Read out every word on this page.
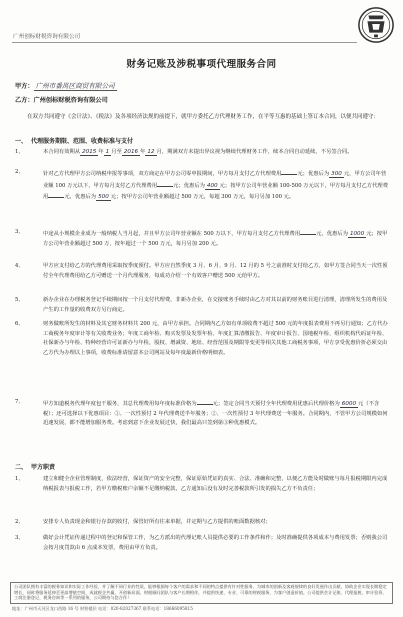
广州创标财税咨询有限公司
财务记账及涉税事项代理服务合同
甲方： 广州市番禺区商贸有限公司
乙方：广州创标财税咨询有限公司
在双方共同遵守《会计法》、《税法》及各项经济法规的前提下，就甲方委托乙方代理财务工作，在平等互惠的基础上签订本合同，以便共同遵守：
一、 代理服务期限、范围、收费标准与支付
1、	本合同有效期从 2015 年 1 月至 2016 年 12 月，期满双方未提出异议视为继续代理财务工作，续本合同自动延续，不另签合同。
2、	针对乙方代理甲方公司纳税申报等事项，双方商定在甲方公司零申报期间，甲方每月支付乙方代理费用	元；优惠后为 300 元，甲方公司年营业额 100 万元以下，甲方每月支付乙方代理费用	元；优惠后为 400 元；按甲方公司年营业额 100-500 万元以下，甲方每月支付乙方代理费用	元，优惠后为 500 元；按甲方公司年营业额超过 500 万元，每超 300 万元，每月另加 100 元。
3、	中途从小规模企业成为一般纳税人当月起，并且甲方公司年营业额在 500 万以下，甲方每月支付乙方代理费用	元，优惠后为 1000 元；按甲方公司年营业额超过 500 万，按年超过一个 500 万元，每月另加 200 元。
4、	甲方应支付给乙方的代理费用采取按季度预付。甲方应自然季度 3 月、6 月、9 月、12 月的 5 号之前准时支付给乙方，如甲方签合同当天一次性预付全年代理费用给乙方可赠送一个月代理服务，每成功介绍一个有效客户赠送 500 元给甲方。
5、	新办企业在办理税务登记手续期间按一个月支付代理费，非新办企业，在交接账务手续时由乙方对其以前的财务账目进行清理，清理所发生的费用及产生的工作量的收费双方另行商定。
6、	财务做账所发生的材料及其它财务材料共 200 元，由甲方承担。合同期内乙方如有单项收费不超过 500 元的年度报表费用不再另行通知；乙方代办工商税务年度审计等有关收费业务；年度工商年检、购买发票及发票年检、年度汇算清缴报告、年度审计报告、国地税年检、组织机构代码证年检、社保新办与年检、特种经营许可证新办与年检，股权、增减资、地址、经营范围及期限等变更等相关其他工商税务事项，甲方享受优惠价折必须交由乙方代为办理以上事项，收费标准请留意本公司网站及每年度最新价格明细表。
7、	甲方知道税务代理年度包干服务，其总代理费用每年度标准价格为	元；签定合同当天预付全年代理费用优惠后代理价格为 6000 元（不含税）；还可选择以下优惠项目：①、一次性预付 2 年代理费送半年服务；②、一次性预付 3 年代理费送一年服务。合同期内，不管甲方公司规模如何迅速发展，都不能增加服务费。考虑到意下企业发展过快，我们最高只签到第③种优惠模式。
二、 甲方职责
1、	建立和健全企业管理制度，依法经营，保证资产的安全完整，保证原始凭证的真实、合法、准确和完整，以便乙方能及时做账与每月报税期限内完成纳税报表与报税工作，若甲方缴税账户余额不足缴纳税款，乙方通知后没有及时完善税款所引发的损失乙方不负责任；
2、	安排专人负责现金和银行存款的收付，保管好所有往来单据，并定期与乙方提供的账面数据核对；
3、	做好会计凭证传递过程中的登记和保管工作，为乙方派出的代理记账人员提供必要的工作条件和作；及时准确提供各项成本与费用发票；否则我公司会按月度罚款由 6 点成本发票，费用由甲方负责。
公司团队拥有丰富的税务知识和实际工作经验，并了解不同行业的性质，能够根据每个客户的需求和不同的特点提供有针对性服务，为城市的创新及客观规律的良好发展作出贡献，协助企业实现长期稳定增长，同时将服务延伸至更高增值空间，成就税企共赢，开创新局面。财税顾问团队与客户长期相伴，并提供快速、专业、可靠的财税服务，为客户创造价值。公司提供会计记账、代理报税、审计验资、工商注册登记、税务咨询等一系列的服务，公司期待与您合作！
地址：广州市天河区龙口西路 16 号 财智楼层 电话：020-82027367 联系电话：18666095815
